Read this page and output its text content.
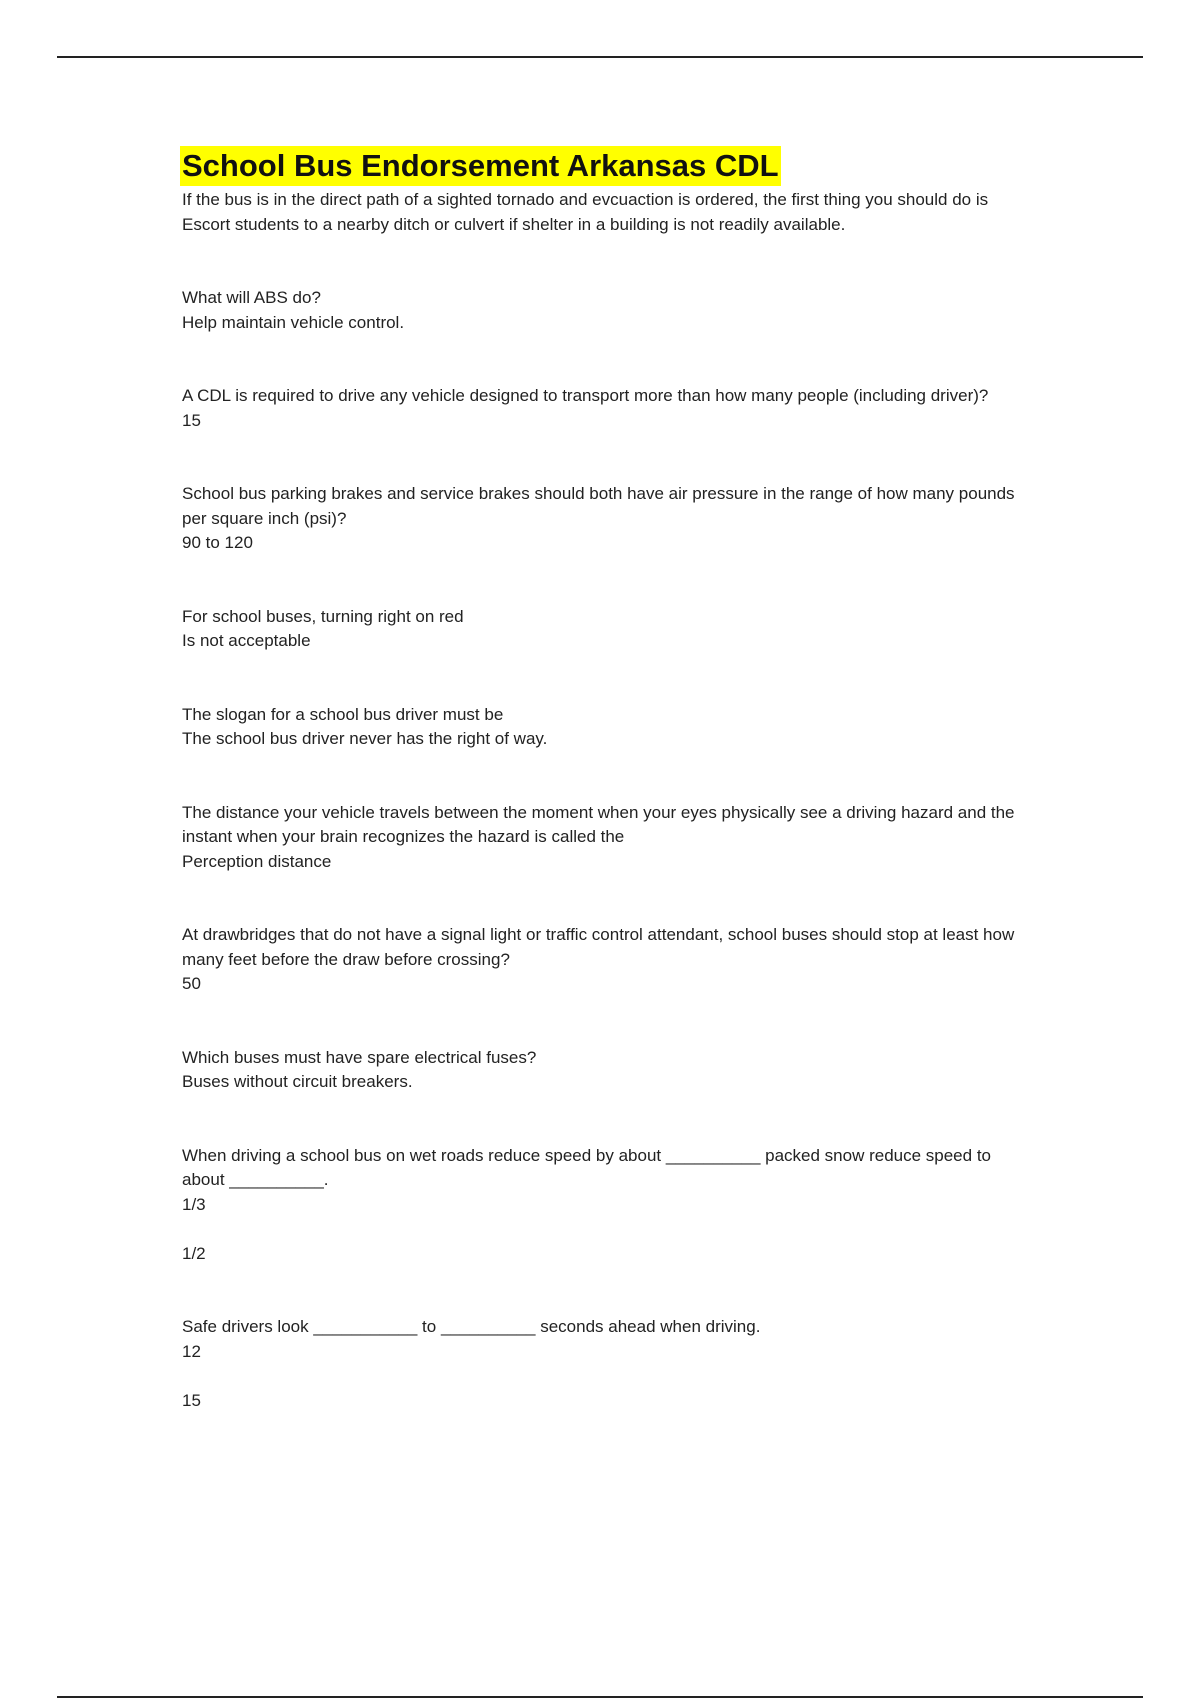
School Bus Endorsement Arkansas CDL

If the bus is in the direct path of a sighted tornado and evcuaction is ordered, the first thing you should do is

Escort students to a nearby ditch or culvert if shelter in a building is not readily available.

What will ABS do?

Help maintain vehicle control.

A CDL is required to drive any vehicle designed to transport more than how many people (including driver)?

15

School bus parking brakes and service brakes should both have air pressure in the range of how many pounds per square inch (psi)?

90 to 120

For school buses, turning right on red

Is not acceptable

The slogan for a school bus driver must be

The school bus driver never has the right of way.

The distance your vehicle travels between the moment when your eyes physically see a driving hazard and the instant when your brain recognizes the hazard is called the

Perception distance

At drawbridges that do not have a signal light or traffic control attendant, school buses should stop at least how many feet before the draw before crossing?

50

Which buses must have spare electrical fuses?

Buses without circuit breakers.

When driving a school bus on wet roads reduce speed by about __________ packed snow reduce speed to about __________.

1/3

1/2

Safe drivers look ___________ to __________ seconds ahead when driving.

12

15
